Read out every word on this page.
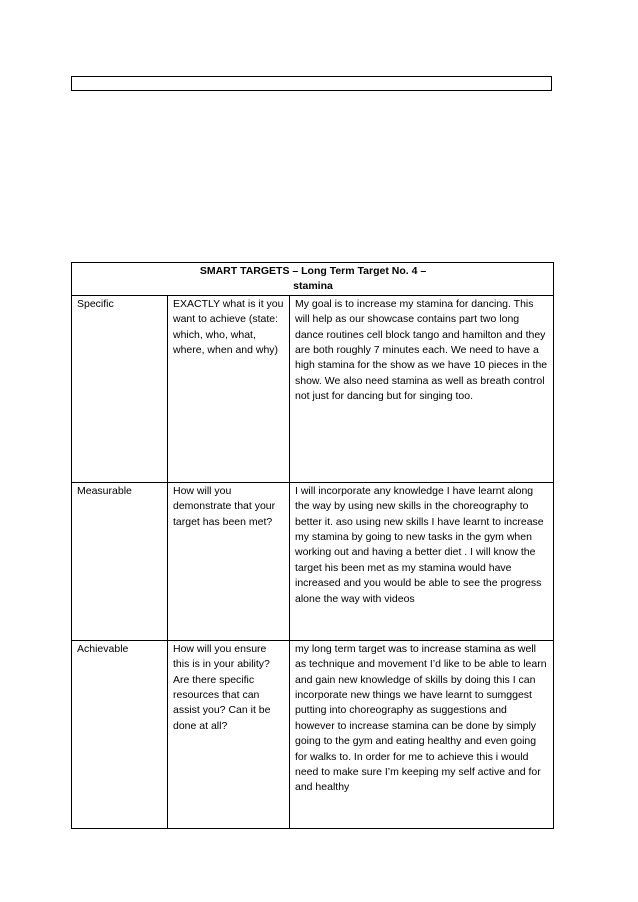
SMART TARGETS – Long Term Target No. 4 – stamina		
Specific	EXACTLY what is it you want to achieve (state: which, who, what, where, when and why)	My goal is to increase my stamina for dancing. This will help as our showcase contains part two long dance routines cell block tango and hamilton and they are both roughly 7 minutes each. We need to have a high stamina for the show as we have 10 pieces in the show. We also need stamina as well as breath control not just for dancing but for singing too.
Measurable	How will you demonstrate that your target has been met?	I will incorporate any knowledge I have learnt along the way by using new skills in the choreography to better it. aso using new skills I have learnt to increase my stamina by going to new tasks in the gym when working out and having a better diet . I will know the target his been met as my stamina would have increased and you would be able to see the progress alone the way with videos
Achievable	How will you ensure this is in your ability? Are there specific resources that can assist you? Can it be done at all?	my long term target was to increase stamina as well as technique and movement I’d like to be able to learn and gain new knowledge of skills by doing this I can incorporate new things we have learnt to sumggest putting into choreography as suggestions and however to increase stamina can be done by simply going to the gym and eating healthy and even going for walks to. In order for me to achieve this i would need to make sure I’m keeping my self active and for and healthy
